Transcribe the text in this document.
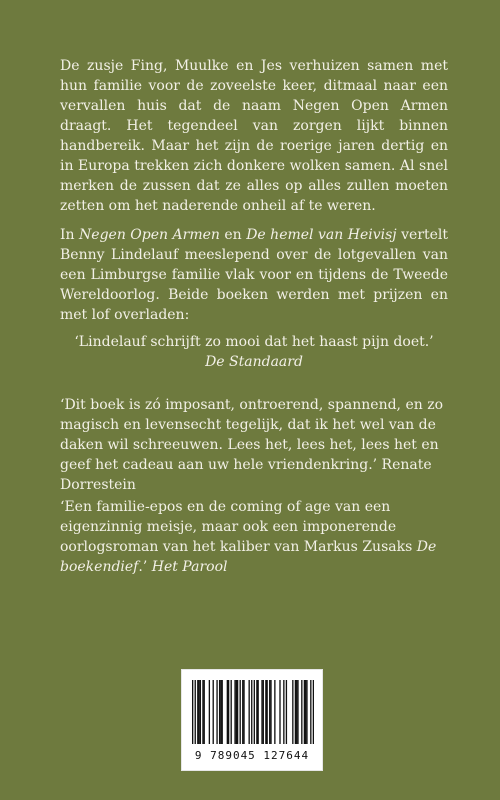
De zusje Fing, Muulke en Jes verhuizen samen met hun familie voor de zoveelste keer, ditmaal naar een vervallen huis dat de naam Negen Open Armen draagt. Het tegendeel van zorgen lijkt binnen handbereik. Maar het zijn de roerige jaren dertig en in Europa trekken zich donkere wolken samen. Al snel merken de zussen dat ze alles op alles zullen moeten zetten om het naderende onheil af te weren.

In Negen Open Armen en De hemel van Heivisj vertelt Benny Lindelauf meeslepend over de lotgevallen van een Limburgse familie vlak voor en tijdens de Tweede Wereldoorlog. Beide boeken werden met prijzen en met lof overladen:

‘Lindelauf schrijft zo mooi dat het haast pijn doet.’
De Standaard
‘Dit boek is zó imposant, ontroerend, spannend, en zo magisch en levensecht tegelijk, dat ik het wel van de daken wil schreeuwen. Lees het, lees het, lees het en geef het cadeau aan uw hele vriendenkring.’ Renate Dorrestein
‘Een familie-epos en de coming of age van een eigenzinnig meisje, maar ook een imponerende oorlogsroman van het kaliber van Markus Zusaks De boekendief.’ Het Parool
9 789045 127644
